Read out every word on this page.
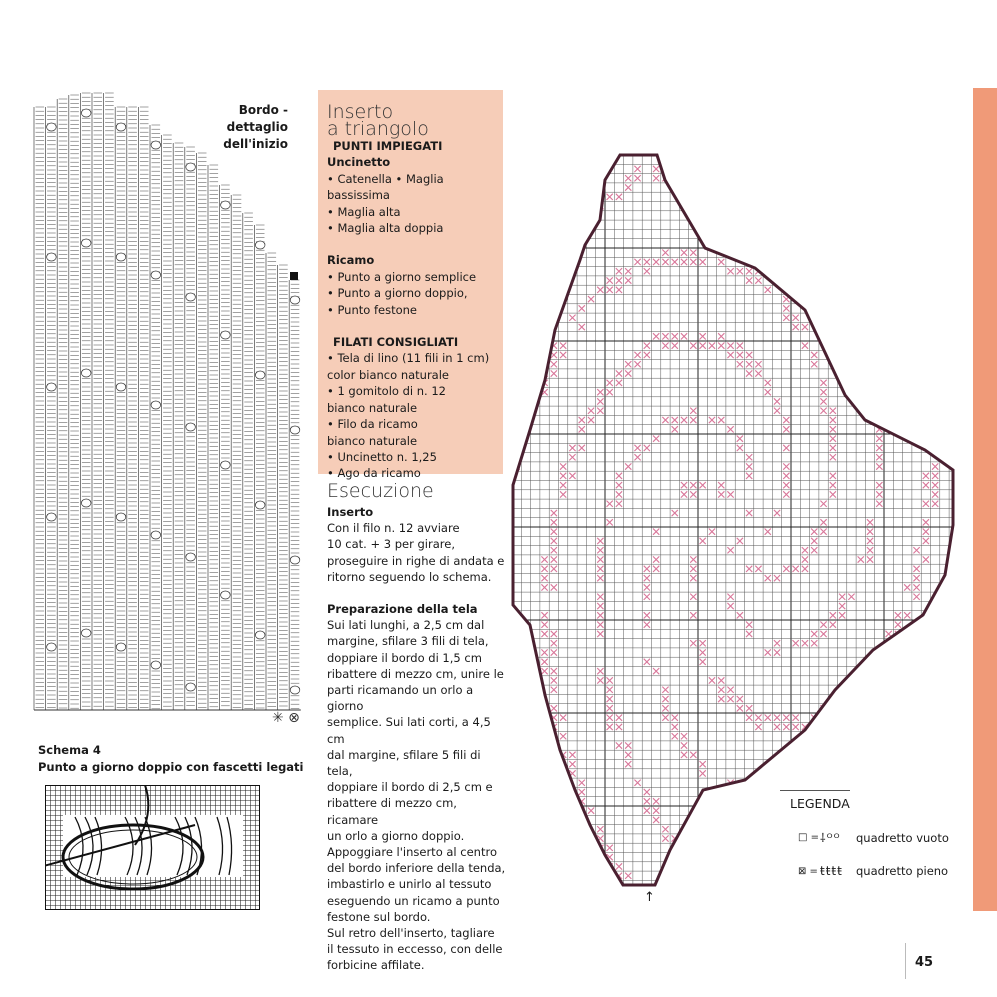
Bordo - dettaglio
dell'inizio
✳ ⊗
Schema 4
Punto a giorno doppio con fascetti legati

Inserto

a triangolo

PUNTI IMPIEGATI

Uncinetto

• Catenella • Maglia bassissima

• Maglia alta

• Maglia alta doppia

Ricamo

• Punto a giorno semplice

• Punto a giorno doppio,

• Punto festone

FILATI CONSIGLIATI

• Tela di lino (11 fili in 1 cm)

color bianco naturale

• 1 gomitolo di n. 12

bianco naturale

• Filo da ricamo

bianco naturale

• Uncinetto n. 1,25

• Ago da ricamo

Esecuzione

Inserto

Con il filo n. 12 avviare

10 cat. + 3 per girare,

proseguire in righe di andata e

ritorno seguendo lo schema.

Preparazione della tela

Sui lati lunghi, a 2,5 cm dal

margine, sfilare 3 fili di tela,

doppiare il bordo di 1,5 cm

ribattere di mezzo cm, unire le

parti ricamando un orlo a giorno

semplice. Sui lati corti, a 4,5 cm

dal margine, sfilare 5 fili di tela,

doppiare il bordo di 2,5 cm e

ribattere di mezzo cm, ricamare

un orlo a giorno doppio.

Appoggiare l'inserto al centro

del bordo inferiore della tenda,

imbastirlo e unirlo al tessuto

eseguendo un ricamo a punto

festone sul bordo.

Sul retro dell'inserto, tagliare

il tessuto in eccesso, con delle

forbicine affilate.

↑
LEGENDA
□ = ⸸ᴼᴼ	quadretto vuoto
⊠ = ŧŧŧŧ	quadretto pieno
45
